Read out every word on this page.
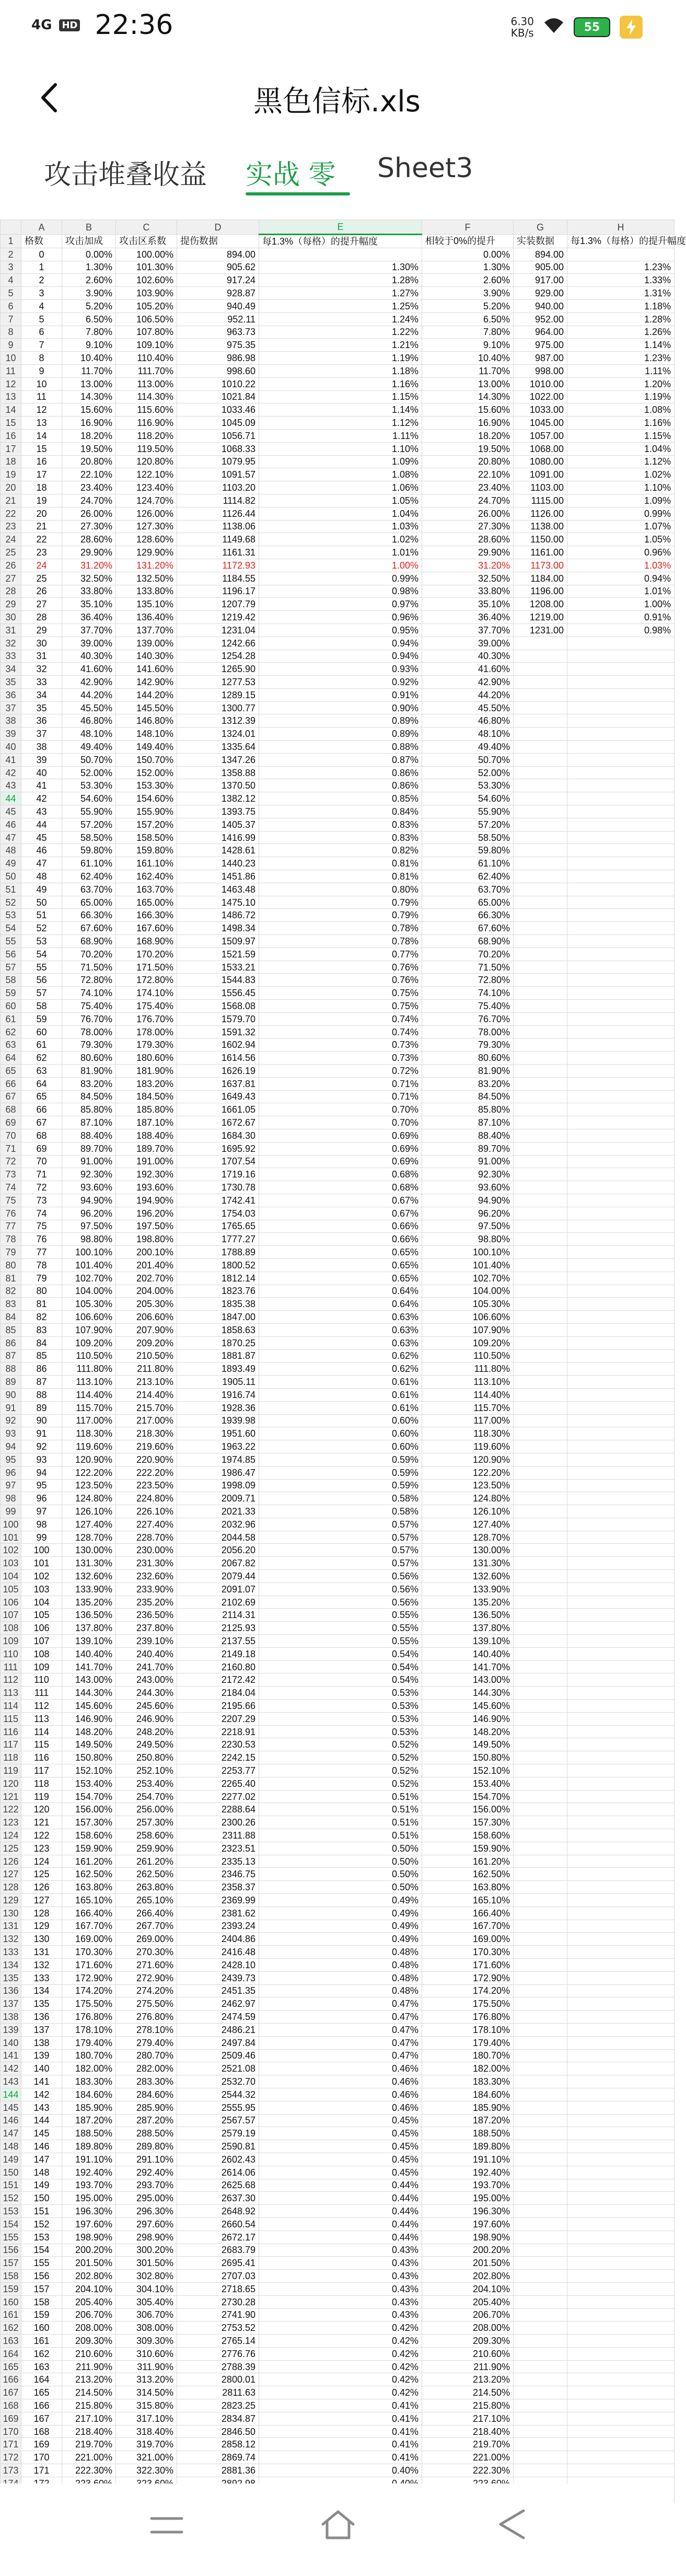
4G HD 22:36	6.30
KB/s	55
黑色信标.xls
攻击堆叠收益 实战 零 Sheet3
	A	B	C	D	E	F	G	H	
1	格数	攻击加成	攻击区系数	提伤数据	每1.3%（每格）的提升幅度	相较于0%的提升	实装数据	每1.3%（每格）的提升幅度	
2	0	0.00%	100.00%	894.00		0.00%	894.00		
3	1	1.30%	101.30%	905.62	1.30%	1.30%	905.00	1.23%	
4	2	2.60%	102.60%	917.24	1.28%	2.60%	917.00	1.33%	
5	3	3.90%	103.90%	928.87	1.27%	3.90%	929.00	1.31%	
6	4	5.20%	105.20%	940.49	1.25%	5.20%	940.00	1.18%	
7	5	6.50%	106.50%	952.11	1.24%	6.50%	952.00	1.28%	
8	6	7.80%	107.80%	963.73	1.22%	7.80%	964.00	1.26%	
9	7	9.10%	109.10%	975.35	1.21%	9.10%	975.00	1.14%	
10	8	10.40%	110.40%	986.98	1.19%	10.40%	987.00	1.23%	
11	9	11.70%	111.70%	998.60	1.18%	11.70%	998.00	1.11%	
12	10	13.00%	113.00%	1010.22	1.16%	13.00%	1010.00	1.20%	
13	11	14.30%	114.30%	1021.84	1.15%	14.30%	1022.00	1.19%	
14	12	15.60%	115.60%	1033.46	1.14%	15.60%	1033.00	1.08%	
15	13	16.90%	116.90%	1045.09	1.12%	16.90%	1045.00	1.16%	
16	14	18.20%	118.20%	1056.71	1.11%	18.20%	1057.00	1.15%	
17	15	19.50%	119.50%	1068.33	1.10%	19.50%	1068.00	1.04%	
18	16	20.80%	120.80%	1079.95	1.09%	20.80%	1080.00	1.12%	
19	17	22.10%	122.10%	1091.57	1.08%	22.10%	1091.00	1.02%	
20	18	23.40%	123.40%	1103.20	1.06%	23.40%	1103.00	1.10%	
21	19	24.70%	124.70%	1114.82	1.05%	24.70%	1115.00	1.09%	
22	20	26.00%	126.00%	1126.44	1.04%	26.00%	1126.00	0.99%	
23	21	27.30%	127.30%	1138.06	1.03%	27.30%	1138.00	1.07%	
24	22	28.60%	128.60%	1149.68	1.02%	28.60%	1150.00	1.05%	
25	23	29.90%	129.90%	1161.31	1.01%	29.90%	1161.00	0.96%	
26	24	31.20%	131.20%	1172.93	1.00%	31.20%	1173.00	1.03%	
27	25	32.50%	132.50%	1184.55	0.99%	32.50%	1184.00	0.94%	
28	26	33.80%	133.80%	1196.17	0.98%	33.80%	1196.00	1.01%	
29	27	35.10%	135.10%	1207.79	0.97%	35.10%	1208.00	1.00%	
30	28	36.40%	136.40%	1219.42	0.96%	36.40%	1219.00	0.91%	
31	29	37.70%	137.70%	1231.04	0.95%	37.70%	1231.00	0.98%	
32	30	39.00%	139.00%	1242.66	0.94%	39.00%			
33	31	40.30%	140.30%	1254.28	0.94%	40.30%			
34	32	41.60%	141.60%	1265.90	0.93%	41.60%			
35	33	42.90%	142.90%	1277.53	0.92%	42.90%			
36	34	44.20%	144.20%	1289.15	0.91%	44.20%			
37	35	45.50%	145.50%	1300.77	0.90%	45.50%			
38	36	46.80%	146.80%	1312.39	0.89%	46.80%			
39	37	48.10%	148.10%	1324.01	0.89%	48.10%			
40	38	49.40%	149.40%	1335.64	0.88%	49.40%			
41	39	50.70%	150.70%	1347.26	0.87%	50.70%			
42	40	52.00%	152.00%	1358.88	0.86%	52.00%			
43	41	53.30%	153.30%	1370.50	0.86%	53.30%			
44	42	54.60%	154.60%	1382.12	0.85%	54.60%			
45	43	55.90%	155.90%	1393.75	0.84%	55.90%			
46	44	57.20%	157.20%	1405.37	0.83%	57.20%			
47	45	58.50%	158.50%	1416.99	0.83%	58.50%			
48	46	59.80%	159.80%	1428.61	0.82%	59.80%			
49	47	61.10%	161.10%	1440.23	0.81%	61.10%			
50	48	62.40%	162.40%	1451.86	0.81%	62.40%			
51	49	63.70%	163.70%	1463.48	0.80%	63.70%			
52	50	65.00%	165.00%	1475.10	0.79%	65.00%			
53	51	66.30%	166.30%	1486.72	0.79%	66.30%			
54	52	67.60%	167.60%	1498.34	0.78%	67.60%			
55	53	68.90%	168.90%	1509.97	0.78%	68.90%			
56	54	70.20%	170.20%	1521.59	0.77%	70.20%			
57	55	71.50%	171.50%	1533.21	0.76%	71.50%			
58	56	72.80%	172.80%	1544.83	0.76%	72.80%			
59	57	74.10%	174.10%	1556.45	0.75%	74.10%			
60	58	75.40%	175.40%	1568.08	0.75%	75.40%			
61	59	76.70%	176.70%	1579.70	0.74%	76.70%			
62	60	78.00%	178.00%	1591.32	0.74%	78.00%			
63	61	79.30%	179.30%	1602.94	0.73%	79.30%			
64	62	80.60%	180.60%	1614.56	0.73%	80.60%			
65	63	81.90%	181.90%	1626.19	0.72%	81.90%			
66	64	83.20%	183.20%	1637.81	0.71%	83.20%			
67	65	84.50%	184.50%	1649.43	0.71%	84.50%			
68	66	85.80%	185.80%	1661.05	0.70%	85.80%			
69	67	87.10%	187.10%	1672.67	0.70%	87.10%			
70	68	88.40%	188.40%	1684.30	0.69%	88.40%			
71	69	89.70%	189.70%	1695.92	0.69%	89.70%			
72	70	91.00%	191.00%	1707.54	0.69%	91.00%			
73	71	92.30%	192.30%	1719.16	0.68%	92.30%			
74	72	93.60%	193.60%	1730.78	0.68%	93.60%			
75	73	94.90%	194.90%	1742.41	0.67%	94.90%			
76	74	96.20%	196.20%	1754.03	0.67%	96.20%			
77	75	97.50%	197.50%	1765.65	0.66%	97.50%			
78	76	98.80%	198.80%	1777.27	0.66%	98.80%			
79	77	100.10%	200.10%	1788.89	0.65%	100.10%			
80	78	101.40%	201.40%	1800.52	0.65%	101.40%			
81	79	102.70%	202.70%	1812.14	0.65%	102.70%			
82	80	104.00%	204.00%	1823.76	0.64%	104.00%			
83	81	105.30%	205.30%	1835.38	0.64%	105.30%			
84	82	106.60%	206.60%	1847.00	0.63%	106.60%			
85	83	107.90%	207.90%	1858.63	0.63%	107.90%			
86	84	109.20%	209.20%	1870.25	0.63%	109.20%			
87	85	110.50%	210.50%	1881.87	0.62%	110.50%			
88	86	111.80%	211.80%	1893.49	0.62%	111.80%			
89	87	113.10%	213.10%	1905.11	0.61%	113.10%			
90	88	114.40%	214.40%	1916.74	0.61%	114.40%			
91	89	115.70%	215.70%	1928.36	0.61%	115.70%			
92	90	117.00%	217.00%	1939.98	0.60%	117.00%			
93	91	118.30%	218.30%	1951.60	0.60%	118.30%			
94	92	119.60%	219.60%	1963.22	0.60%	119.60%			
95	93	120.90%	220.90%	1974.85	0.59%	120.90%			
96	94	122.20%	222.20%	1986.47	0.59%	122.20%			
97	95	123.50%	223.50%	1998.09	0.59%	123.50%			
98	96	124.80%	224.80%	2009.71	0.58%	124.80%			
99	97	126.10%	226.10%	2021.33	0.58%	126.10%			
100	98	127.40%	227.40%	2032.96	0.57%	127.40%			
101	99	128.70%	228.70%	2044.58	0.57%	128.70%			
102	100	130.00%	230.00%	2056.20	0.57%	130.00%			
103	101	131.30%	231.30%	2067.82	0.57%	131.30%			
104	102	132.60%	232.60%	2079.44	0.56%	132.60%			
105	103	133.90%	233.90%	2091.07	0.56%	133.90%			
106	104	135.20%	235.20%	2102.69	0.56%	135.20%			
107	105	136.50%	236.50%	2114.31	0.55%	136.50%			
108	106	137.80%	237.80%	2125.93	0.55%	137.80%			
109	107	139.10%	239.10%	2137.55	0.55%	139.10%			
110	108	140.40%	240.40%	2149.18	0.54%	140.40%			
111	109	141.70%	241.70%	2160.80	0.54%	141.70%			
112	110	143.00%	243.00%	2172.42	0.54%	143.00%			
113	111	144.30%	244.30%	2184.04	0.53%	144.30%			
114	112	145.60%	245.60%	2195.66	0.53%	145.60%			
115	113	146.90%	246.90%	2207.29	0.53%	146.90%			
116	114	148.20%	248.20%	2218.91	0.53%	148.20%			
117	115	149.50%	249.50%	2230.53	0.52%	149.50%			
118	116	150.80%	250.80%	2242.15	0.52%	150.80%			
119	117	152.10%	252.10%	2253.77	0.52%	152.10%			
120	118	153.40%	253.40%	2265.40	0.52%	153.40%			
121	119	154.70%	254.70%	2277.02	0.51%	154.70%			
122	120	156.00%	256.00%	2288.64	0.51%	156.00%			
123	121	157.30%	257.30%	2300.26	0.51%	157.30%			
124	122	158.60%	258.60%	2311.88	0.51%	158.60%			
125	123	159.90%	259.90%	2323.51	0.50%	159.90%			
126	124	161.20%	261.20%	2335.13	0.50%	161.20%			
127	125	162.50%	262.50%	2346.75	0.50%	162.50%			
128	126	163.80%	263.80%	2358.37	0.50%	163.80%			
129	127	165.10%	265.10%	2369.99	0.49%	165.10%			
130	128	166.40%	266.40%	2381.62	0.49%	166.40%			
131	129	167.70%	267.70%	2393.24	0.49%	167.70%			
132	130	169.00%	269.00%	2404.86	0.49%	169.00%			
133	131	170.30%	270.30%	2416.48	0.48%	170.30%			
134	132	171.60%	271.60%	2428.10	0.48%	171.60%			
135	133	172.90%	272.90%	2439.73	0.48%	172.90%			
136	134	174.20%	274.20%	2451.35	0.48%	174.20%			
137	135	175.50%	275.50%	2462.97	0.47%	175.50%			
138	136	176.80%	276.80%	2474.59	0.47%	176.80%			
139	137	178.10%	278.10%	2486.21	0.47%	178.10%			
140	138	179.40%	279.40%	2497.84	0.47%	179.40%			
141	139	180.70%	280.70%	2509.46	0.47%	180.70%			
142	140	182.00%	282.00%	2521.08	0.46%	182.00%			
143	141	183.30%	283.30%	2532.70	0.46%	183.30%			
144	142	184.60%	284.60%	2544.32	0.46%	184.60%			
145	143	185.90%	285.90%	2555.95	0.46%	185.90%			
146	144	187.20%	287.20%	2567.57	0.45%	187.20%			
147	145	188.50%	288.50%	2579.19	0.45%	188.50%			
148	146	189.80%	289.80%	2590.81	0.45%	189.80%			
149	147	191.10%	291.10%	2602.43	0.45%	191.10%			
150	148	192.40%	292.40%	2614.06	0.45%	192.40%			
151	149	193.70%	293.70%	2625.68	0.44%	193.70%			
152	150	195.00%	295.00%	2637.30	0.44%	195.00%			
153	151	196.30%	296.30%	2648.92	0.44%	196.30%			
154	152	197.60%	297.60%	2660.54	0.44%	197.60%			
155	153	198.90%	298.90%	2672.17	0.44%	198.90%			
156	154	200.20%	300.20%	2683.79	0.43%	200.20%			
157	155	201.50%	301.50%	2695.41	0.43%	201.50%			
158	156	202.80%	302.80%	2707.03	0.43%	202.80%			
159	157	204.10%	304.10%	2718.65	0.43%	204.10%			
160	158	205.40%	305.40%	2730.28	0.43%	205.40%			
161	159	206.70%	306.70%	2741.90	0.43%	206.70%			
162	160	208.00%	308.00%	2753.52	0.42%	208.00%			
163	161	209.30%	309.30%	2765.14	0.42%	209.30%			
164	162	210.60%	310.60%	2776.76	0.42%	210.60%			
165	163	211.90%	311.90%	2788.39	0.42%	211.90%			
166	164	213.20%	313.20%	2800.01	0.42%	213.20%			
167	165	214.50%	314.50%	2811.63	0.42%	214.50%			
168	166	215.80%	315.80%	2823.25	0.41%	215.80%			
169	167	217.10%	317.10%	2834.87	0.41%	217.10%			
170	168	218.40%	318.40%	2846.50	0.41%	218.40%			
171	169	219.70%	319.70%	2858.12	0.41%	219.70%			
172	170	221.00%	321.00%	2869.74	0.41%	221.00%			
173	171	222.30%	322.30%	2881.36	0.40%	222.30%			
